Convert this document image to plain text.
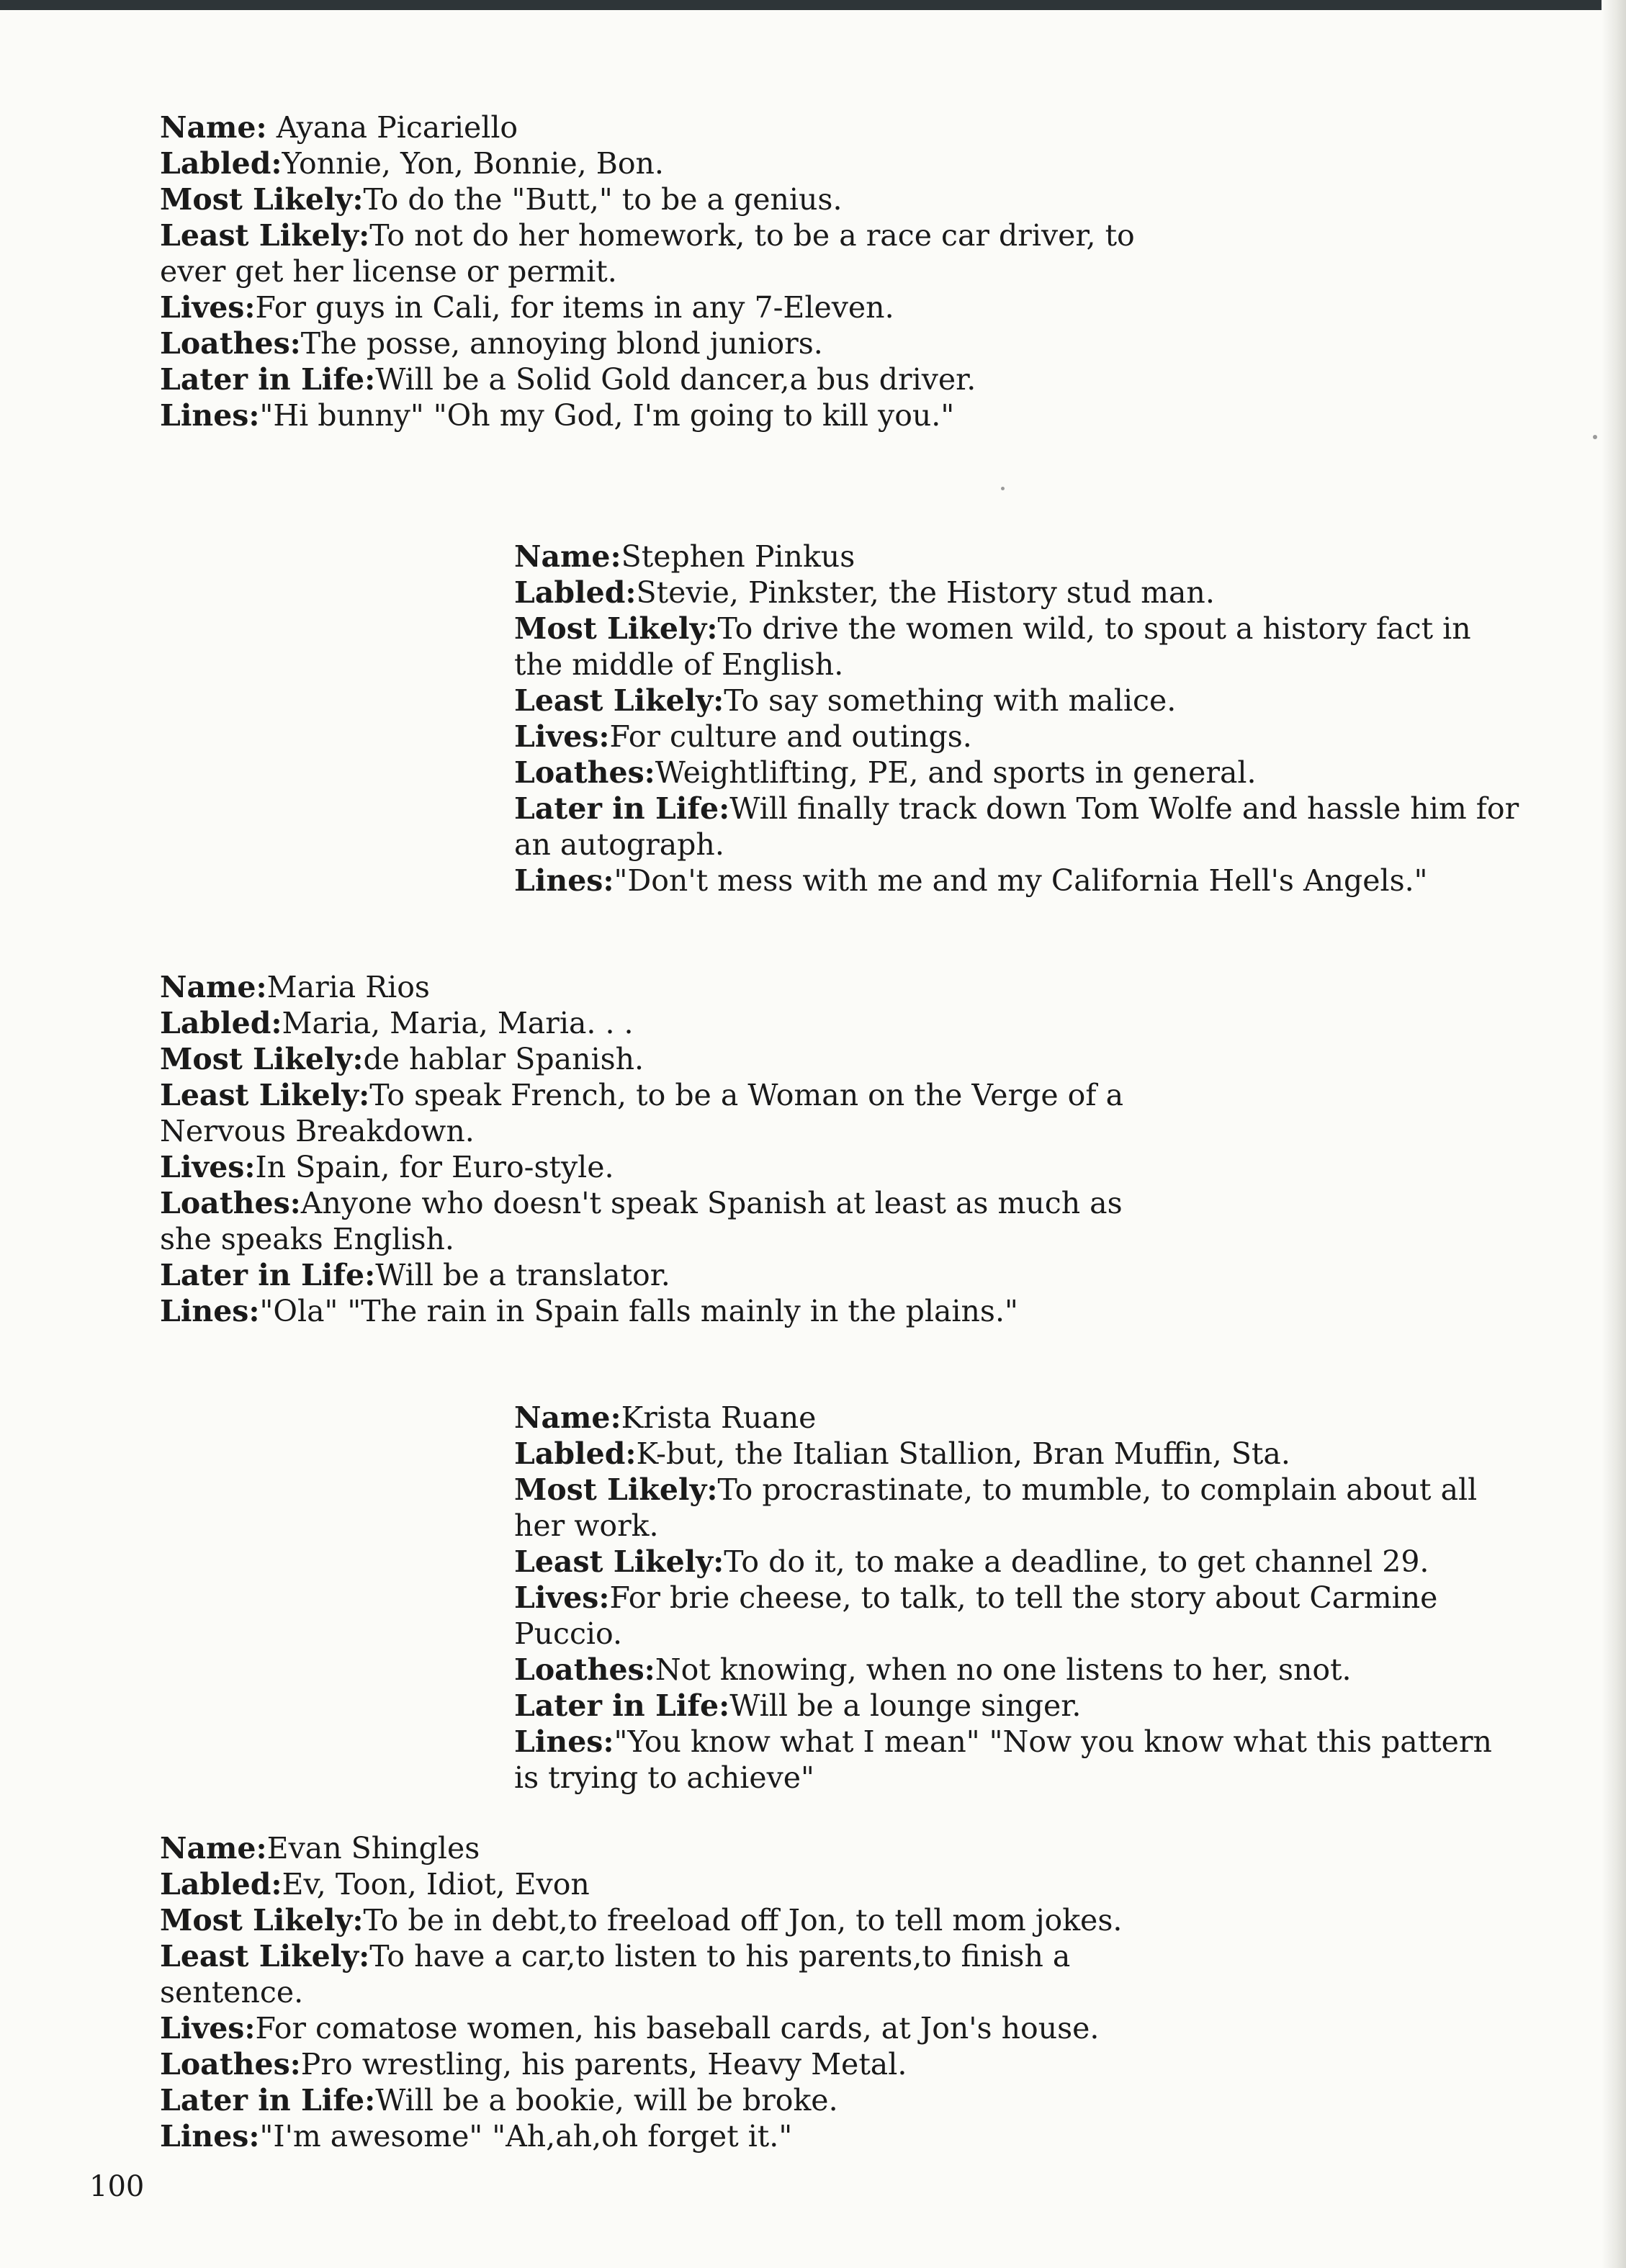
Name: Ayana Picariello

Labled:Yonnie, Yon, Bonnie, Bon.

Most Likely:To do the "Butt," to be a genius.

Least Likely:To not do her homework, to be a race car driver, to ever get her license or permit.

Lives:For guys in Cali, for items in any 7-Eleven.

Loathes:The posse, annoying blond juniors.

Later in Life:Will be a Solid Gold dancer,a bus driver.

Lines:"Hi bunny" "Oh my God, I'm going to kill you."

Name:Stephen Pinkus

Labled:Stevie, Pinkster, the History stud man.

Most Likely:To drive the women wild, to spout a history fact in the middle of English.

Least Likely:To say something with malice.

Lives:For culture and outings.

Loathes:Weightlifting, PE, and sports in general.

Later in Life:Will finally track down Tom Wolfe and hassle him for an autograph.

Lines:"Don't mess with me and my California Hell's Angels."

Name:Maria Rios

Labled:Maria, Maria, Maria. . .

Most Likely:de hablar Spanish.

Least Likely:To speak French, to be a Woman on the Verge of a Nervous Breakdown.

Lives:In Spain, for Euro-style.

Loathes:Anyone who doesn't speak Spanish at least as much as she speaks English.

Later in Life:Will be a translator.

Lines:"Ola" "The rain in Spain falls mainly in the plains."

Name:Krista Ruane

Labled:K-but, the Italian Stallion, Bran Muffin, Sta.

Most Likely:To procrastinate, to mumble, to complain about all her work.

Least Likely:To do it, to make a deadline, to get channel 29.

Lives:For brie cheese, to talk, to tell the story about Carmine Puccio.

Loathes:Not knowing, when no one listens to her, snot.

Later in Life:Will be a lounge singer.

Lines:"You know what I mean" "Now you know what this pattern is trying to achieve"

Name:Evan Shingles

Labled:Ev, Toon, Idiot, Evon

Most Likely:To be in debt,to freeload off Jon, to tell mom jokes.

Least Likely:To have a car,to listen to his parents,to finish a sentence.

Lives:For comatose women, his baseball cards, at Jon's house.

Loathes:Pro wrestling, his parents, Heavy Metal.

Later in Life:Will be a bookie, will be broke.

Lines:"I'm awesome" "Ah,ah,oh forget it."

100
